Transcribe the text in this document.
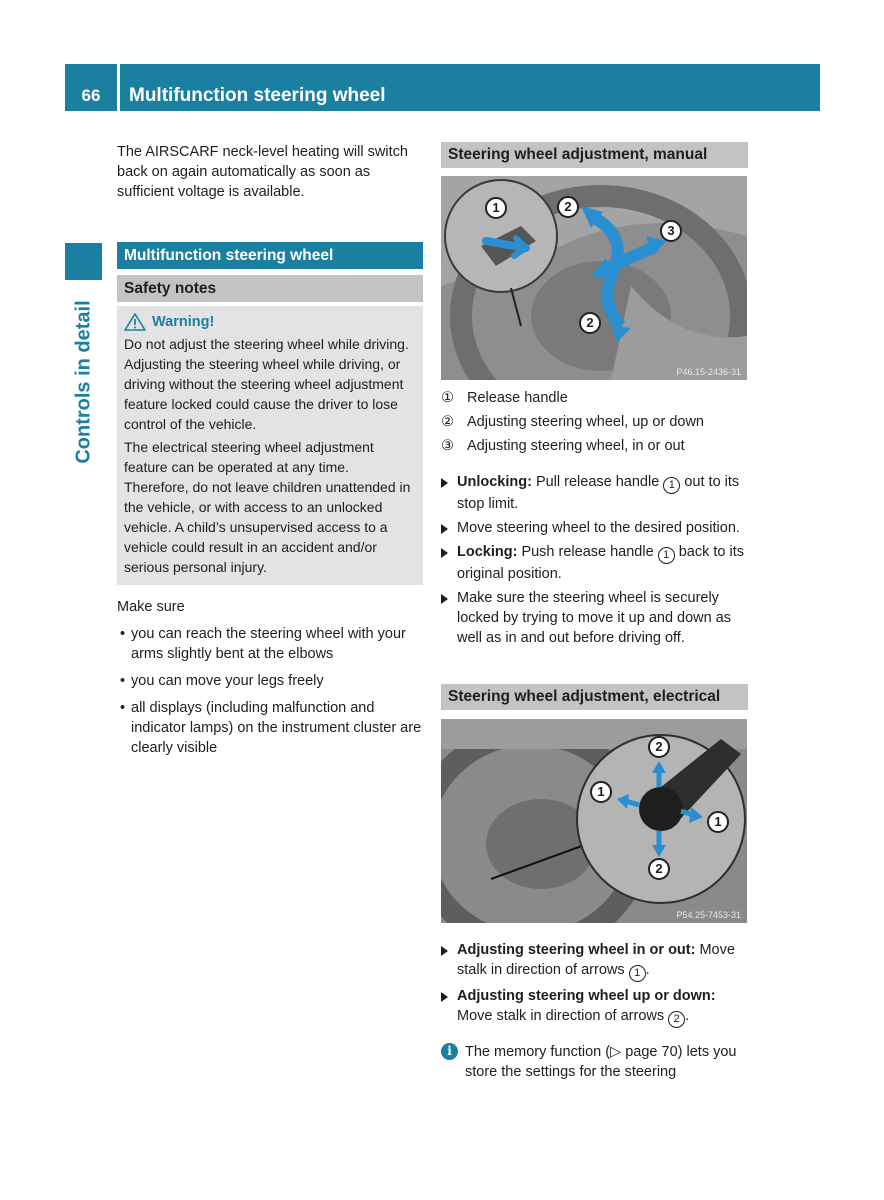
66	Multifunction steering wheel
Controls in detail

The AIRSCARF neck-level heating will switch back on again automatically as soon as sufficient voltage is available.

Multifunction steering wheel
Safety notes
Warning!

Do not adjust the steering wheel while driving. Adjusting the steering wheel while driving, or driving without the steering wheel adjustment feature locked could cause the driver to lose control of the vehicle.

The electrical steering wheel adjustment feature can be operated at any time. Therefore, do not leave children unattended in the vehicle, or with access to an unlocked vehicle. A child’s unsupervised access to a vehicle could result in an accident and/or serious personal injury.

Make sure

• you can reach the steering wheel with your arms slightly bent at the elbows
• you can move your legs freely
• all displays (including malfunction and indicator lamps) on the instrument cluster are clearly visible
Steering wheel adjustment, manual
1	2
3
2
P46.15-2436-31
① Release handle
② Adjusting steering wheel, up or down
③ Adjusting steering wheel, in or out
Unlocking: Pull release handle 1 out to its stop limit.
Move steering wheel to the desired position.
Locking: Push release handle 1 back to its original position.
Make sure the steering wheel is securely locked by trying to move it up and down as well as in and out before driving off.
Steering wheel adjustment, electrical
2
1
1
2
P54.25-7453-31
Adjusting steering wheel in or out: Move stalk in direction of arrows 1 .
Adjusting steering wheel up or down: Move stalk in direction of arrows 2 .
i The memory function (▷ page 70) lets you store the settings for the steering
